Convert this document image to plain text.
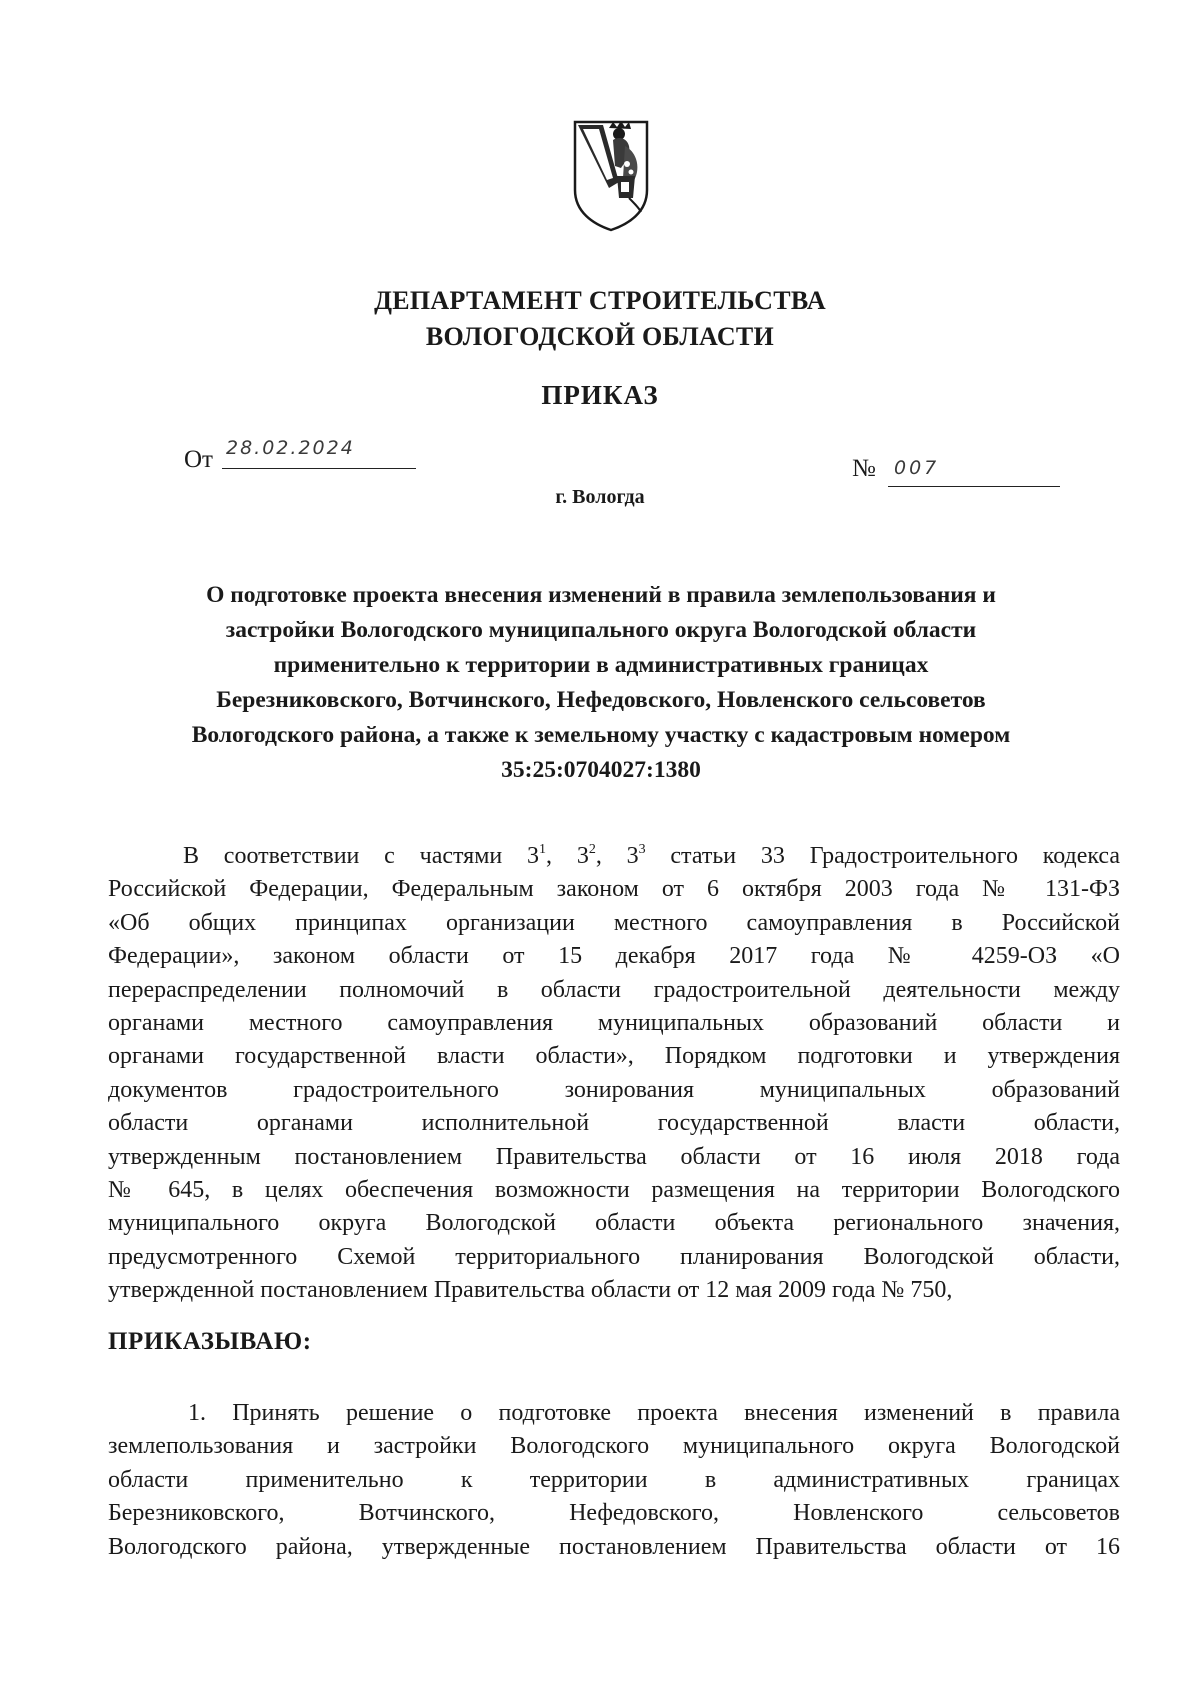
ДЕПАРТАМЕНТ СТРОИТЕЛЬСТВА
ВОЛОГОДСКОЙ ОБЛАСТИ
ПРИКАЗ
От 28.02.2024
№ 007
г. Вологда
О подготовке проекта внесения изменений в правила землепользования и
застройки Вологодского муниципального округа Вологодской области
применительно к территории в административных границах
Березниковского, Вотчинского, Нефедовского, Новленского сельсоветов
Вологодского района, а также к земельному участку с кадастровым номером
35:25:0704027:1380
В соответствии с частями $3^1$, $3^2$, $3^3$ статьи 33 Градостроительного кодекса
Российской Федерации, Федеральным законом от 6 октября 2003 года № 131-ФЗ
«Об общих принципах организации местного самоуправления в Российской
Федерации», законом области от 15 декабря 2017 года № 4259-ОЗ «О
перераспределении полномочий в области градостроительной деятельности между
органами местного самоуправления муниципальных образований области и
органами государственной власти области», Порядком подготовки и утверждения
документов градостроительного зонирования муниципальных образований
области органами исполнительной государственной власти области,
утвержденным постановлением Правительства области от 16 июля 2018 года
№ 645, в целях обеспечения возможности размещения на территории Вологодского
муниципального округа Вологодской области объекта регионального значения,
предусмотренного Схемой территориального планирования Вологодской области,
утвержденной постановлением Правительства области от 12 мая 2009 года № 750,
ПРИКАЗЫВАЮ:
1. Принять решение о подготовке проекта внесения изменений в правила
землепользования и застройки Вологодского муниципального округа Вологодской
области применительно к территории в административных границах
Березниковского, Вотчинского, Нефедовского, Новленского сельсоветов
Вологодского района, утвержденные постановлением Правительства области от 16
